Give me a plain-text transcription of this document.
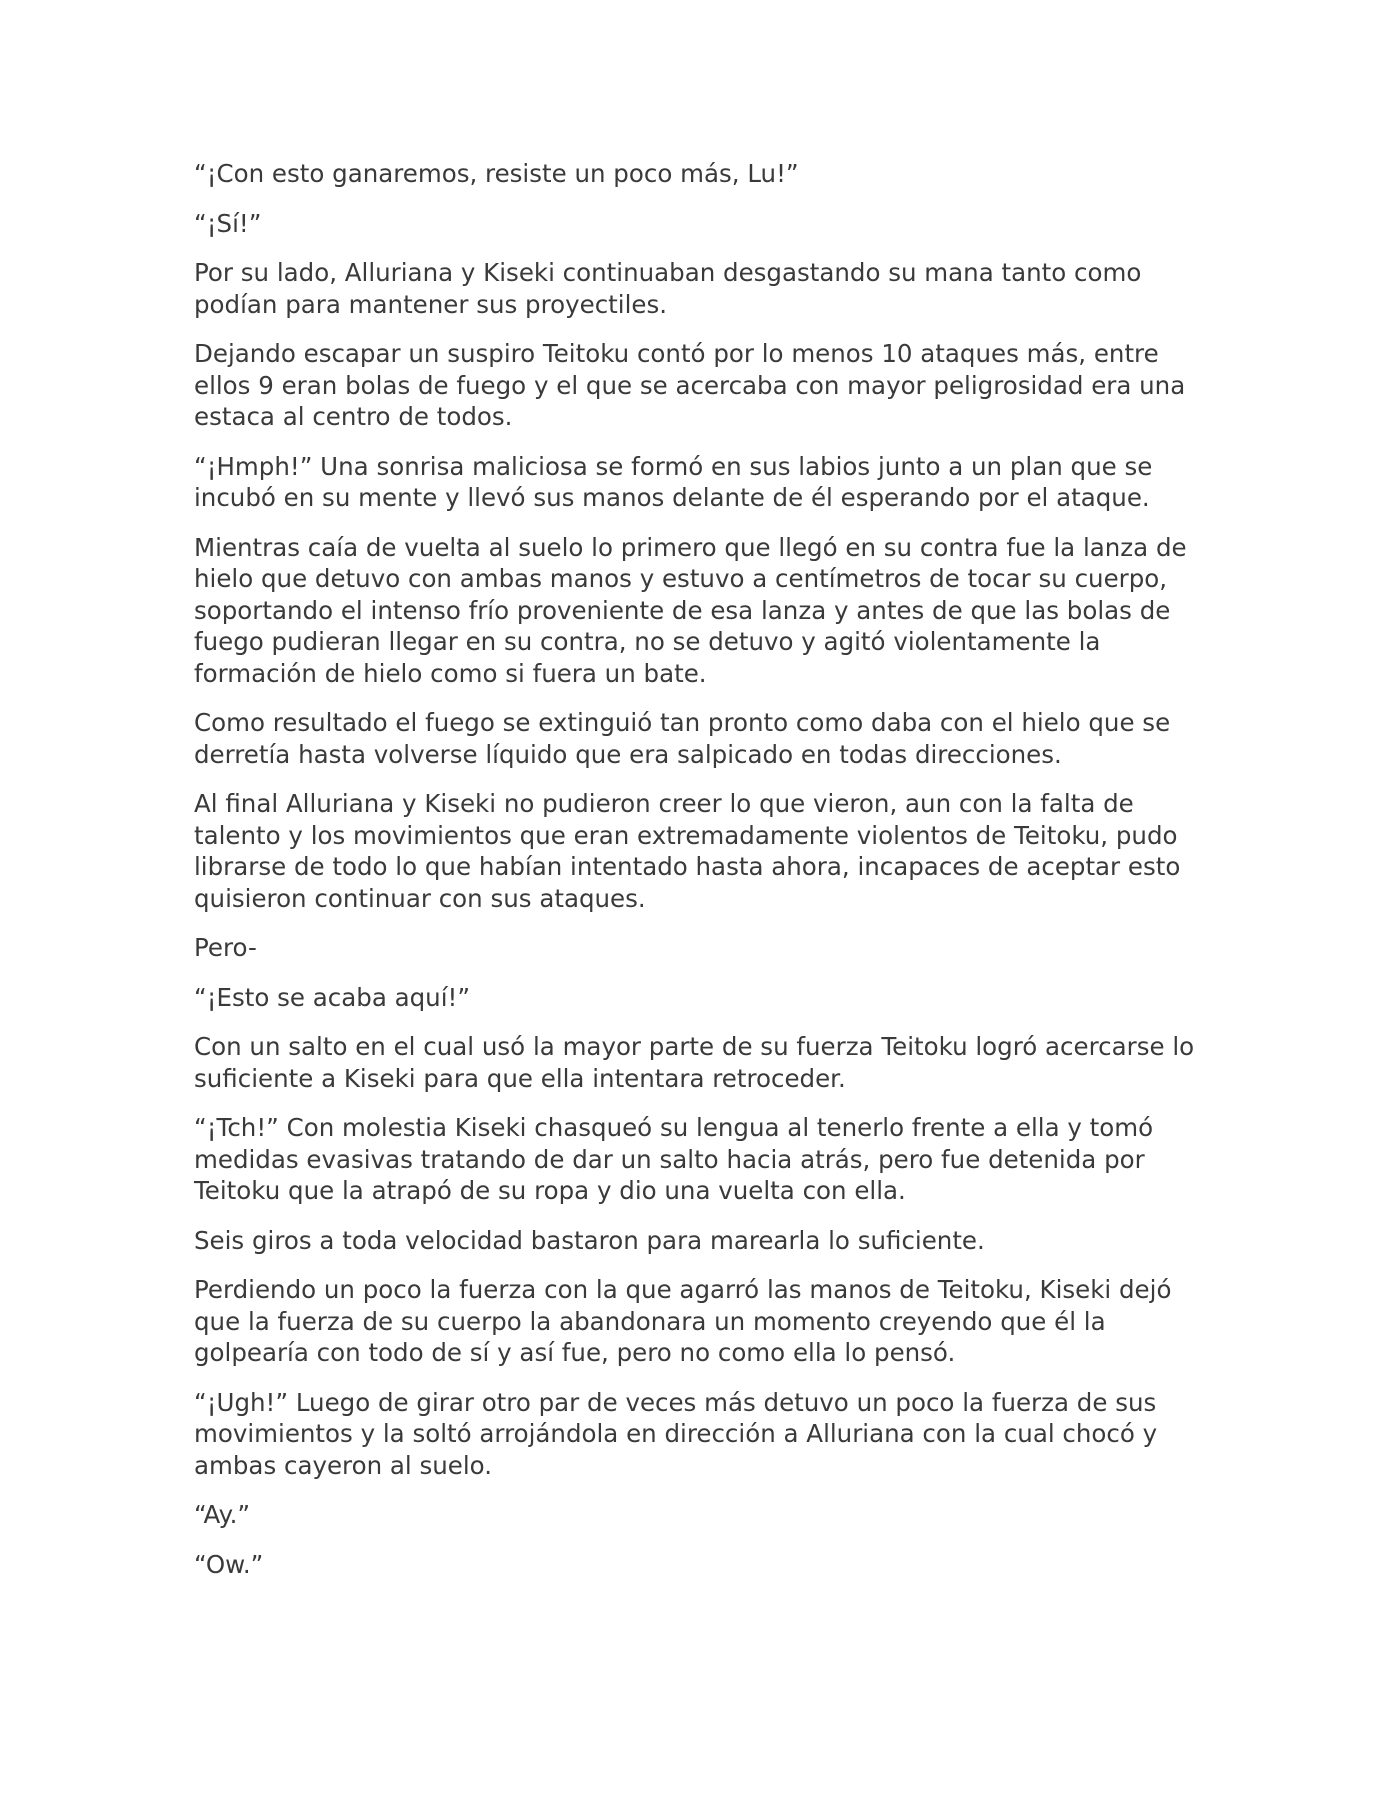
“¡Con esto ganaremos, resiste un poco más, Lu!”

“¡Sí!”

Por su lado, Alluriana y Kiseki continuaban desgastando su mana tanto como podían para mantener sus proyectiles.

Dejando escapar un suspiro Teitoku contó por lo menos 10 ataques más, entre ellos 9 eran bolas de fuego y el que se acercaba con mayor peligrosidad era una estaca al centro de todos.

“¡Hmph!” Una sonrisa maliciosa se formó en sus labios junto a un plan que se incubó en su mente y llevó sus manos delante de él esperando por el ataque.

Mientras caía de vuelta al suelo lo primero que llegó en su contra fue la lanza de hielo que detuvo con ambas manos y estuvo a centímetros de tocar su cuerpo, soportando el intenso frío proveniente de esa lanza y antes de que las bolas de fuego pudieran llegar en su contra, no se detuvo y agitó violentamente la formación de hielo como si fuera un bate.

Como resultado el fuego se extinguió tan pronto como daba con el hielo que se derretía hasta volverse líquido que era salpicado en todas direcciones.

Al final Alluriana y Kiseki no pudieron creer lo que vieron, aun con la falta de talento y los movimientos que eran extremadamente violentos de Teitoku, pudo librarse de todo lo que habían intentado hasta ahora, incapaces de aceptar esto quisieron continuar con sus ataques.

Pero-

“¡Esto se acaba aquí!”

Con un salto en el cual usó la mayor parte de su fuerza Teitoku logró acercarse lo suficiente a Kiseki para que ella intentara retroceder.

“¡Tch!” Con molestia Kiseki chasqueó su lengua al tenerlo frente a ella y tomó medidas evasivas tratando de dar un salto hacia atrás, pero fue detenida por Teitoku que la atrapó de su ropa y dio una vuelta con ella.

Seis giros a toda velocidad bastaron para marearla lo suficiente.

Perdiendo un poco la fuerza con la que agarró las manos de Teitoku, Kiseki dejó que la fuerza de su cuerpo la abandonara un momento creyendo que él la golpearía con todo de sí y así fue, pero no como ella lo pensó.

“¡Ugh!” Luego de girar otro par de veces más detuvo un poco la fuerza de sus movimientos y la soltó arrojándola en dirección a Alluriana con la cual chocó y ambas cayeron al suelo.

“Ay.”

“Ow.”
